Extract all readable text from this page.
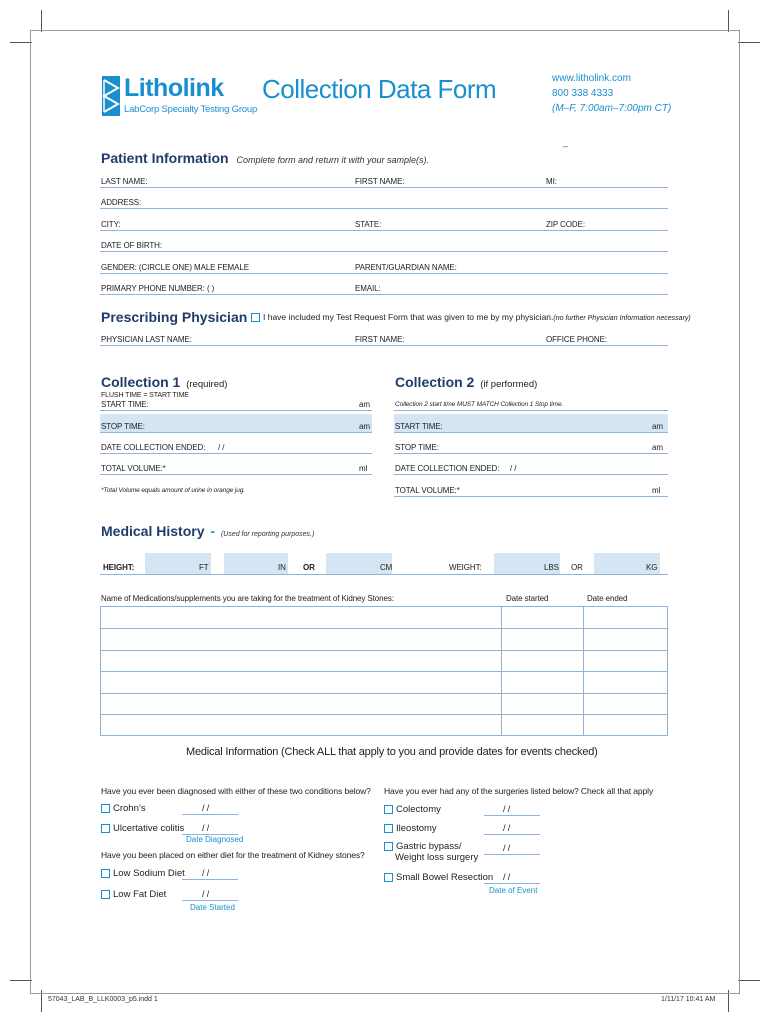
Litholink
LabCorp Specialty Testing Group
Collection Data Form	www.litholink.com
800 338 4333
(M–F, 7:00am–7:00pm CT)
–
Patient Information Complete form and return it with your sample(s).
LAST NAME:	FIRST NAME:	MI:
ADDRESS:
CITY:	STATE:	ZIP CODE:
DATE OF BIRTH:
GENDER: (CIRCLE ONE) MALE FEMALE	PARENT/GUARDIAN NAME:
PRIMARY PHONE NUMBER: ( )	EMAIL:
Prescribing Physician	I have included my Test Request Form that was given to me by my physician.(no further Physician Information necessary)
PHYSICIAN LAST NAME:	FIRST NAME:	OFFICE PHONE:
Collection 1 (required)
FLUSH TIME = START TIME
START TIME:	am
STOP TIME:	am
DATE COLLECTION ENDED: / /
TOTAL VOLUME:*	ml
*Total Volume equals amount of urine in orange jug.
Collection 2 (if performed)
Collection 2 start time MUST MATCH Collection 1 Stop time.
START TIME:	am
STOP TIME:	am
DATE COLLECTION ENDED: / /
TOTAL VOLUME:*	ml
Medical History - (Used for reporting purposes.)
HEIGHT:	FT	IN OR	CM	WEIGHT:	LBS OR	KG
Name of Medications/supplements you are taking for the treatment of Kidney Stones:	Date started	Date ended
Medical Information (Check ALL that apply to you and provide dates for events checked)
Have you ever been diagnosed with either of these two conditions below? Have you ever had any of the surgeries listed below? Check all that apply
Crohn’s	/ /
Ulcertative colitis / /
Date Diagnosed
Have you been placed on either diet for the treatment of Kidney stones?
Low Sodium Diet / /
Low Fat Diet	/ /
Date Started
Colectomy	/ /
Ileostomy	/ /
Gastric bypass/
Weight loss surgery
/ /
Small Bowel Resection / /
Date of Event
57043_LAB_B_LLK0003_p5.indd 1	1/11/17 10:41 AM
